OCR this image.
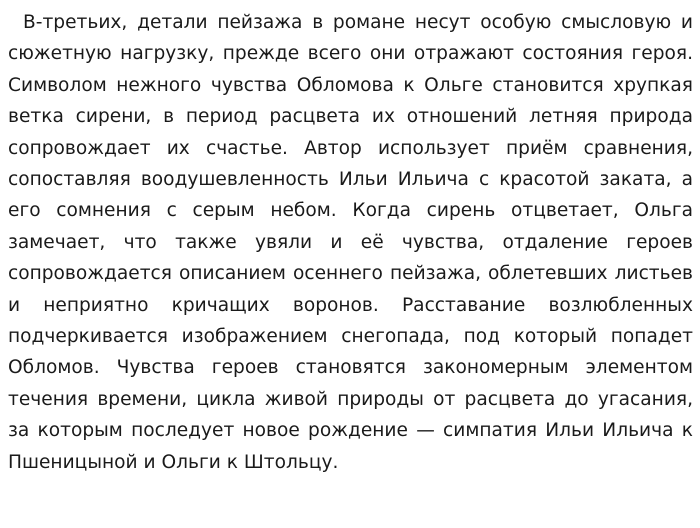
В-третьих, детали пейзажа в романе несут особую смысловую и сюжетную нагрузку, прежде всего они отражают состояния героя. Символом нежного чувства Обломова к Ольге становится хрупкая ветка сирени, в период расцвета их отношений летняя природа сопровождает их счастье. Автор использует приём сравнения, сопоставляя воодушевленность Ильи Ильича с красотой заката, а его сомнения с серым небом. Когда сирень отцветает, Ольга замечает, что также увяли и её чувства, отдаление героев сопровождается описанием осеннего пейзажа, облетевших листьев и неприятно кричащих воронов. Расставание возлюбленных подчеркивается изображением снегопада, под который попадет Обломов. Чувства героев становятся закономерным элементом течения времени, цикла живой природы от расцвета до угасания, за которым последует новое рождение — симпатия Ильи Ильича к Пшеницыной и Ольги к Штольцу.
